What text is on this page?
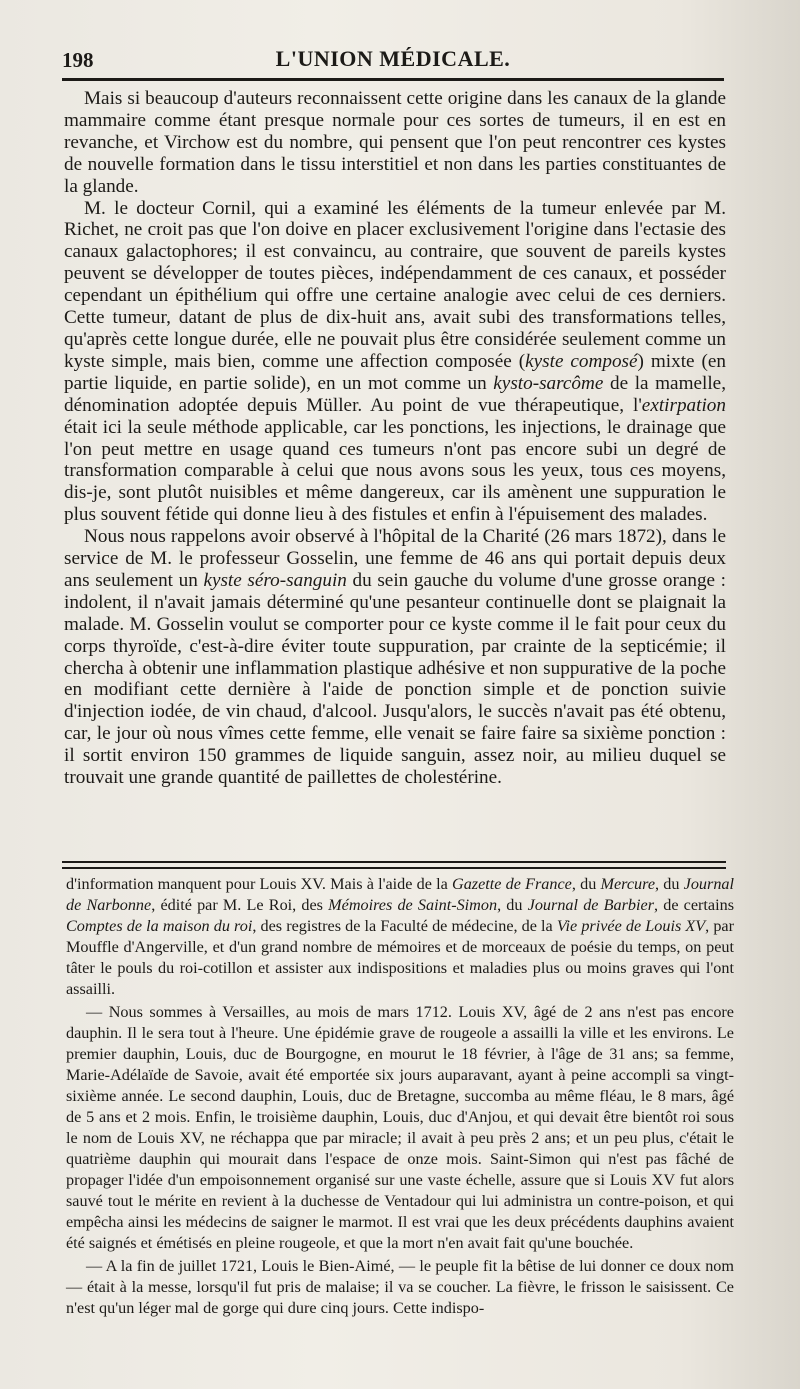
198	L'UNION MÉDICALE.

Mais si beaucoup d'auteurs reconnaissent cette origine dans les canaux de la glande mammaire comme étant presque normale pour ces sortes de tumeurs, il en est en revanche, et Virchow est du nombre, qui pensent que l'on peut rencontrer ces kystes de nouvelle formation dans le tissu interstitiel et non dans les parties constituantes de la glande.

M. le docteur Cornil, qui a examiné les éléments de la tumeur enlevée par M. Richet, ne croit pas que l'on doive en placer exclusivement l'origine dans l'ectasie des canaux galactophores; il est convaincu, au contraire, que souvent de pareils kystes peuvent se développer de toutes pièces, indépendamment de ces canaux, et posséder cependant un épithélium qui offre une certaine analogie avec celui de ces derniers. Cette tumeur, datant de plus de dix-huit ans, avait subi des transformations telles, qu'après cette longue durée, elle ne pouvait plus être considérée seulement comme un kyste simple, mais bien, comme une affection composée (kyste composé) mixte (en partie liquide, en partie solide), en un mot comme un kysto-sarcôme de la mamelle, dénomination adoptée depuis Müller. Au point de vue thérapeutique, l'extirpation était ici la seule méthode applicable, car les ponctions, les injections, le drainage que l'on peut mettre en usage quand ces tumeurs n'ont pas encore subi un degré de transformation comparable à celui que nous avons sous les yeux, tous ces moyens, dis-je, sont plutôt nuisibles et même dangereux, car ils amènent une suppuration le plus souvent fétide qui donne lieu à des fistules et enfin à l'épuisement des malades.

Nous nous rappelons avoir observé à l'hôpital de la Charité (26 mars 1872), dans le service de M. le professeur Gosselin, une femme de 46 ans qui portait depuis deux ans seulement un kyste séro-sanguin du sein gauche du volume d'une grosse orange : indolent, il n'avait jamais déterminé qu'une pesanteur continuelle dont se plaignait la malade. M. Gosselin voulut se comporter pour ce kyste comme il le fait pour ceux du corps thyroïde, c'est-à-dire éviter toute suppuration, par crainte de la septicémie; il chercha à obtenir une inflammation plastique adhésive et non suppurative de la poche en modifiant cette dernière à l'aide de ponction simple et de ponction suivie d'injection iodée, de vin chaud, d'alcool. Jusqu'alors, le succès n'avait pas été obtenu, car, le jour où nous vîmes cette femme, elle venait se faire faire sa sixième ponction : il sortit environ 150 grammes de liquide sanguin, assez noir, au milieu duquel se trouvait une grande quantité de paillettes de cholestérine.

d'information manquent pour Louis XV. Mais à l'aide de la Gazette de France, du Mercure, du Journal de Narbonne, édité par M. Le Roi, des Mémoires de Saint-Simon, du Journal de Barbier, de certains Comptes de la maison du roi, des registres de la Faculté de médecine, de la Vie privée de Louis XV, par Mouffle d'Angerville, et d'un grand nombre de mémoires et de morceaux de poésie du temps, on peut tâter le pouls du roi-cotillon et assister aux indispositions et maladies plus ou moins graves qui l'ont assailli.

— Nous sommes à Versailles, au mois de mars 1712. Louis XV, âgé de 2 ans n'est pas encore dauphin. Il le sera tout à l'heure. Une épidémie grave de rougeole a assailli la ville et les environs. Le premier dauphin, Louis, duc de Bourgogne, en mourut le 18 février, à l'âge de 31 ans; sa femme, Marie-Adélaïde de Savoie, avait été emportée six jours auparavant, ayant à peine accompli sa vingt-sixième année. Le second dauphin, Louis, duc de Bretagne, succomba au même fléau, le 8 mars, âgé de 5 ans et 2 mois. Enfin, le troisième dauphin, Louis, duc d'Anjou, et qui devait être bientôt roi sous le nom de Louis XV, ne réchappa que par miracle; il avait à peu près 2 ans; et un peu plus, c'était le quatrième dauphin qui mourait dans l'espace de onze mois. Saint-Simon qui n'est pas fâché de propager l'idée d'un empoisonnement organisé sur une vaste échelle, assure que si Louis XV fut alors sauvé tout le mérite en revient à la duchesse de Ventadour qui lui administra un contre-poison, et qui empêcha ainsi les médecins de saigner le marmot. Il est vrai que les deux précédents dauphins avaient été saignés et émétisés en pleine rougeole, et que la mort n'en avait fait qu'une bouchée.

— A la fin de juillet 1721, Louis le Bien-Aimé, — le peuple fit la bêtise de lui donner ce doux nom — était à la messe, lorsqu'il fut pris de malaise; il va se coucher. La fièvre, le frisson le saisissent. Ce n'est qu'un léger mal de gorge qui dure cinq jours. Cette indispo-
